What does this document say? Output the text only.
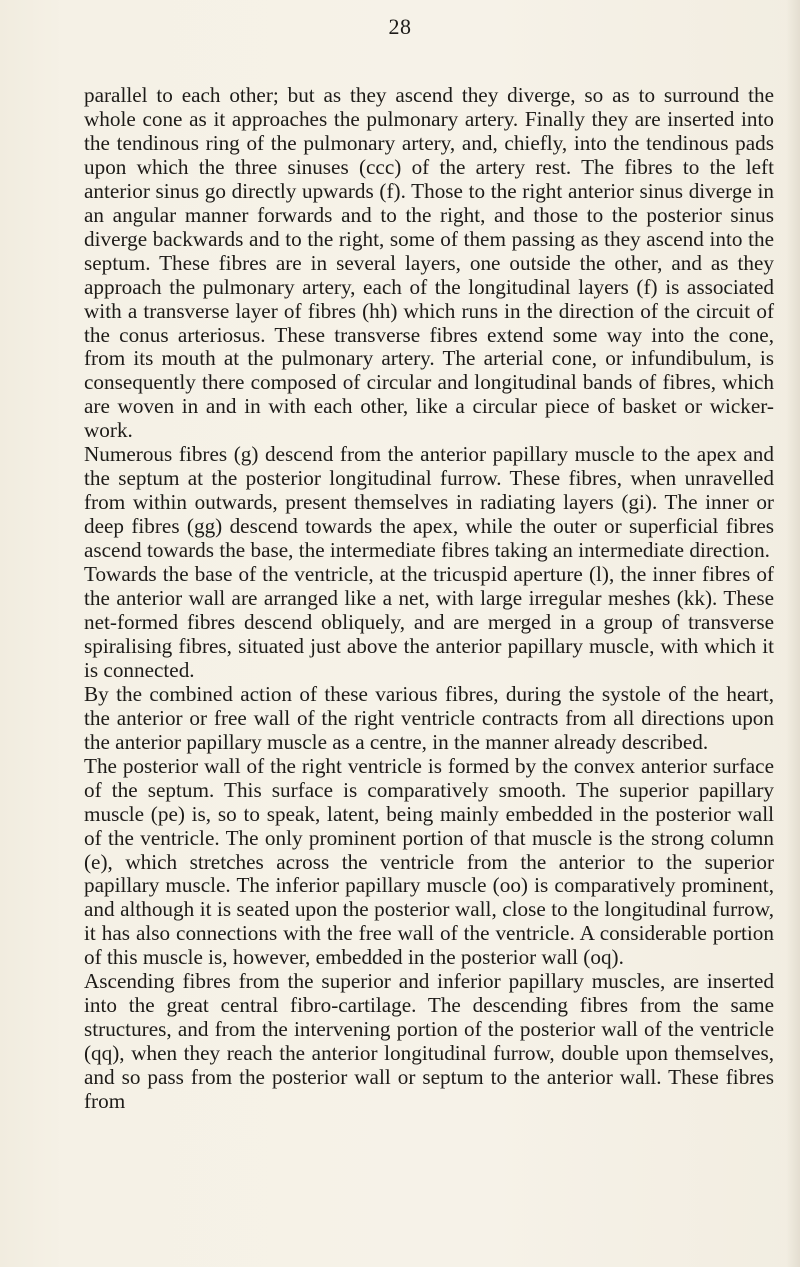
28

parallel to each other; but as they ascend they diverge, so as to surround the whole cone as it approaches the pulmonary artery. Finally they are inserted into the tendinous ring of the pulmonary artery, and, chiefly, into the tendinous pads upon which the three sinuses (ccc) of the artery rest. The fibres to the left anterior sinus go directly upwards (f). Those to the right anterior sinus diverge in an angular manner forwards and to the right, and those to the posterior sinus diverge backwards and to the right, some of them passing as they ascend into the septum. These fibres are in several layers, one outside the other, and as they approach the pulmonary artery, each of the longitudinal layers (f) is associated with a transverse layer of fibres (hh) which runs in the direction of the circuit of the conus arteriosus. These transverse fibres extend some way into the cone, from its mouth at the pulmonary artery. The arterial cone, or infundibulum, is consequently there composed of circular and longitudinal bands of fibres, which are woven in and in with each other, like a circular piece of basket or wicker-work.

Numerous fibres (g) descend from the anterior papillary muscle to the apex and the septum at the posterior longitudinal furrow. These fibres, when unravelled from within outwards, present themselves in radiating layers (gi). The inner or deep fibres (gg) descend towards the apex, while the outer or superficial fibres ascend towards the base, the intermediate fibres taking an intermediate direction.

Towards the base of the ventricle, at the tricuspid aperture (l), the inner fibres of the anterior wall are arranged like a net, with large irregular meshes (kk). These net-formed fibres descend obliquely, and are merged in a group of transverse spiralising fibres, situated just above the anterior papillary muscle, with which it is connected.

By the combined action of these various fibres, during the systole of the heart, the anterior or free wall of the right ventricle contracts from all directions upon the anterior papillary muscle as a centre, in the manner already described.

The posterior wall of the right ventricle is formed by the convex anterior surface of the septum. This surface is comparatively smooth. The superior papillary muscle (pe) is, so to speak, latent, being mainly embedded in the posterior wall of the ventricle. The only prominent portion of that muscle is the strong column (e), which stretches across the ventricle from the anterior to the superior papillary muscle. The inferior papillary muscle (oo) is comparatively prominent, and although it is seated upon the posterior wall, close to the longitudinal furrow, it has also connections with the free wall of the ventricle. A considerable portion of this muscle is, however, embedded in the posterior wall (oq).

Ascending fibres from the superior and inferior papillary muscles, are inserted into the great central fibro-cartilage. The descending fibres from the same structures, and from the intervening portion of the posterior wall of the ventricle (qq), when they reach the anterior longitudinal furrow, double upon themselves, and so pass from the posterior wall or septum to the anterior wall. These fibres from
